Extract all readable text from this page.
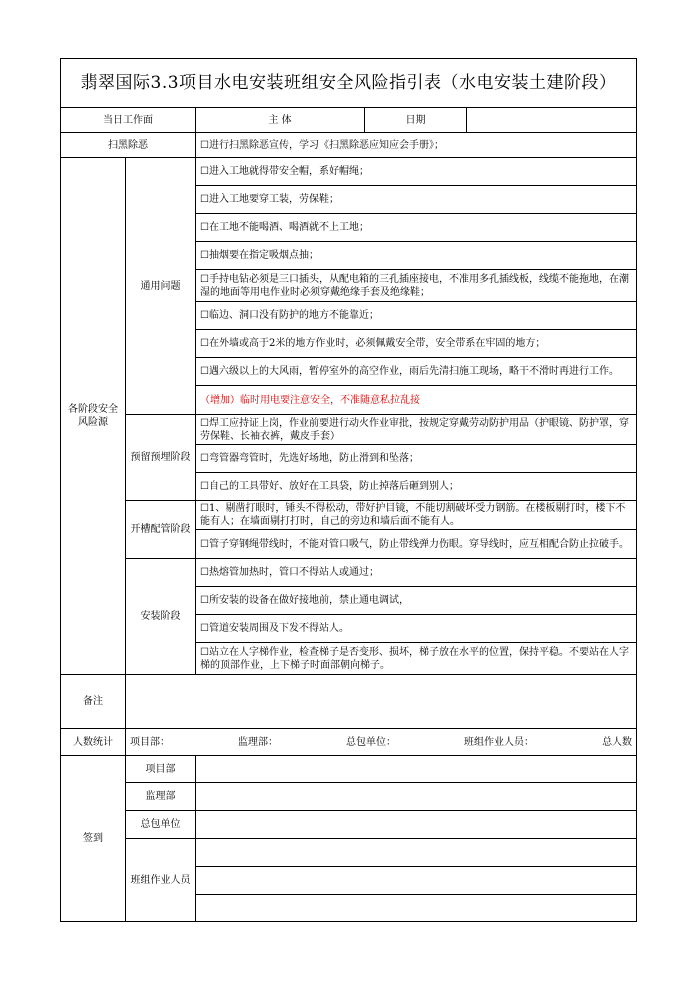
翡翠国际3.3项目水电安装班组安全风险指引表（水电安装土建阶段）				
当日工作面		主 体	日期	
扫黑除恶		☐进行扫黑除恶宣传，学习《扫黑除恶应知应会手册》；		
各阶段安全风险源	通用问题	☐进入工地就得带安全帽，系好帽绳；		
		☐进入工地要穿工装，劳保鞋；		
		☐在工地不能喝酒、喝酒就不上工地；		
		☐抽烟要在指定吸烟点抽；		
		☐手持电钻必须是三口插头，从配电箱的三孔插座接电，不准用多孔插线板，线缆不能拖地，在潮湿的地面等用电作业时必须穿戴绝缘手套及绝缘鞋；		
		☐临边、洞口没有防护的地方不能靠近；		
		☐在外墙或高于2米的地方作业时，必须佩戴安全带，安全带系在牢固的地方；		
		☐遇六级以上的大风雨，暂停室外的高空作业，雨后先清扫施工现场，略干不滑时再进行工作。		
		（增加）临时用电要注意安全，不准随意私拉乱接		
	预留预埋阶段	☐焊工应持证上岗，作业前要进行动火作业审批，按规定穿戴劳动防护用品（护眼镜、防护罩，穿劳保鞋、长袖衣裤，戴皮手套）		
		☐弯管器弯管时，先选好场地，防止滑到和坠落；		
		☐自己的工具带好、放好在工具袋，防止掉落后砸到别人；		
	开槽配管阶段	☐1、剔凿打眼时，锤头不得松动，带好护目镜，不能切割破坏受力钢筋。在楼板剔打时，楼下不能有人；在墙面剔打打时，自己的旁边和墙后面不能有人。		
		☐管子穿钢绳带线时，不能对管口吸气，防止带线弹力伤眼。穿导线时，应互相配合防止拉破手。		
	安装阶段	☐热熔管加热时，管口不得站人或通过；		
		☐所安装的设备在做好接地前，禁止通电调试，		
		☐管道安装周围及下发不得站人。		
		☐站立在人字梯作业，检查梯子是否变形、损坏，梯子放在水平的位置，保持平稳。不要站在人字梯的顶部作业，上下梯子时面部朝向梯子。		
备注				
人数统计	项目部： 监理部： 总包单位： 班组作业人员： 总人数			

签到	项目部			
	监理部			
	总包单位			
	班组作业人员			
